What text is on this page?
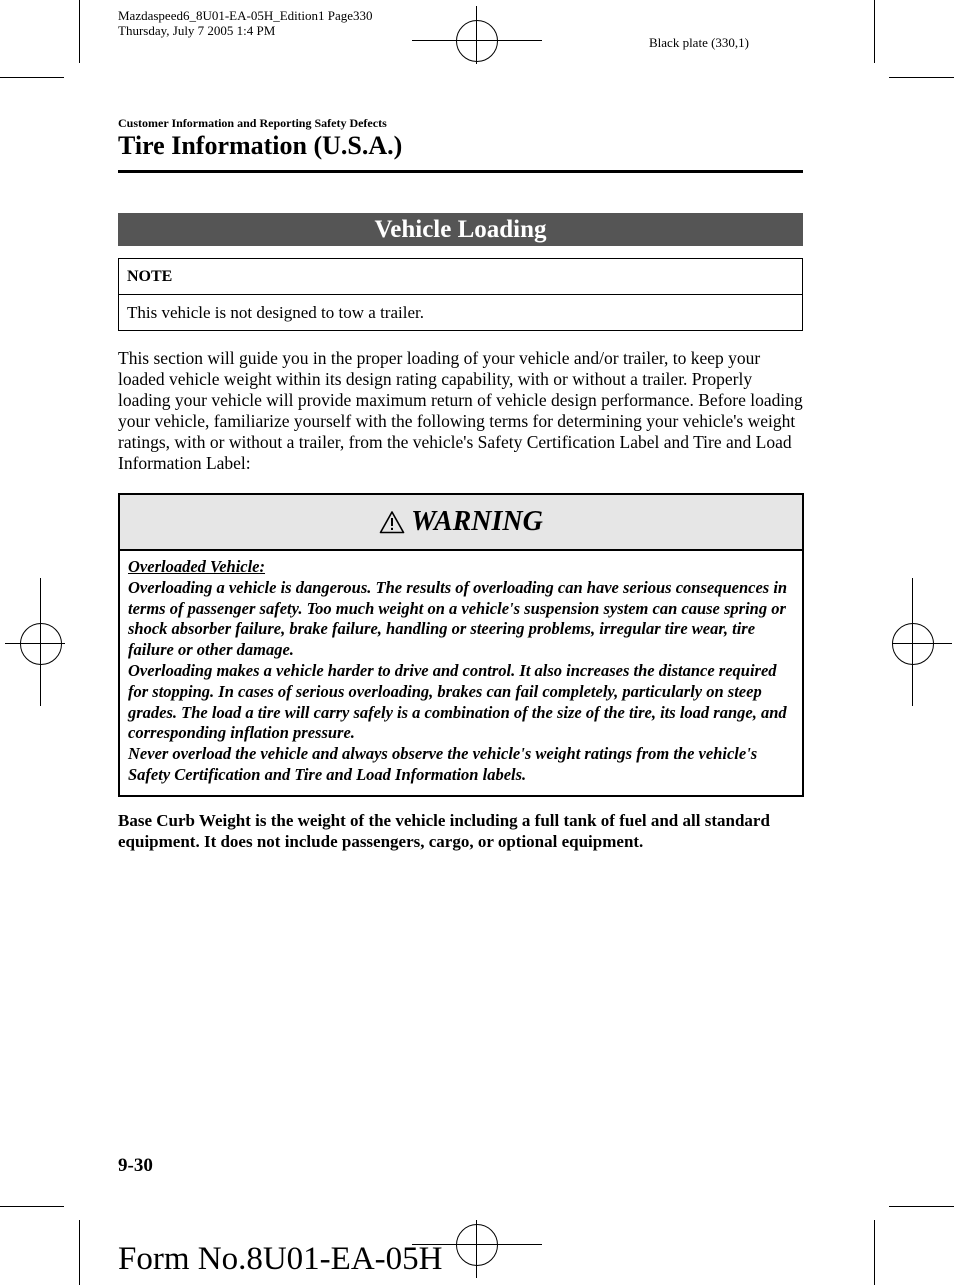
Mazdaspeed6_8U01-EA-05H_Edition1 Page330
Thursday, July 7 2005 1:4 PM
Black plate (330,1)
Customer Information and Reporting Safety Defects
Tire Information (U.S.A.)
Vehicle Loading
NOTE
This vehicle is not designed to tow a trailer.

This section will guide you in the proper loading of your vehicle and/or trailer, to keep your loaded vehicle weight within its design rating capability, with or without a trailer. Properly loading your vehicle will provide maximum return of vehicle design performance. Before loading your vehicle, familiarize yourself with the following terms for determining your vehicle's weight ratings, with or without a trailer, from the vehicle's Safety Certification Label and Tire and Load Information Label:

WARNING

Overloaded Vehicle:

Overloading a vehicle is dangerous. The results of overloading can have serious consequences in terms of passenger safety. Too much weight on a vehicle's suspension system can cause spring or shock absorber failure, brake failure, handling or steering problems, irregular tire wear, tire failure or other damage.

Overloading makes a vehicle harder to drive and control. It also increases the distance required for stopping. In cases of serious overloading, brakes can fail completely, particularly on steep grades. The load a tire will carry safely is a combination of the size of the tire, its load range, and corresponding inflation pressure.

Never overload the vehicle and always observe the vehicle's weight ratings from the vehicle's Safety Certification and Tire and Load Information labels.

Base Curb Weight is the weight of the vehicle including a full tank of fuel and all standard equipment. It does not include passengers, cargo, or optional equipment.

9-30
Form No.8U01-EA-05H
